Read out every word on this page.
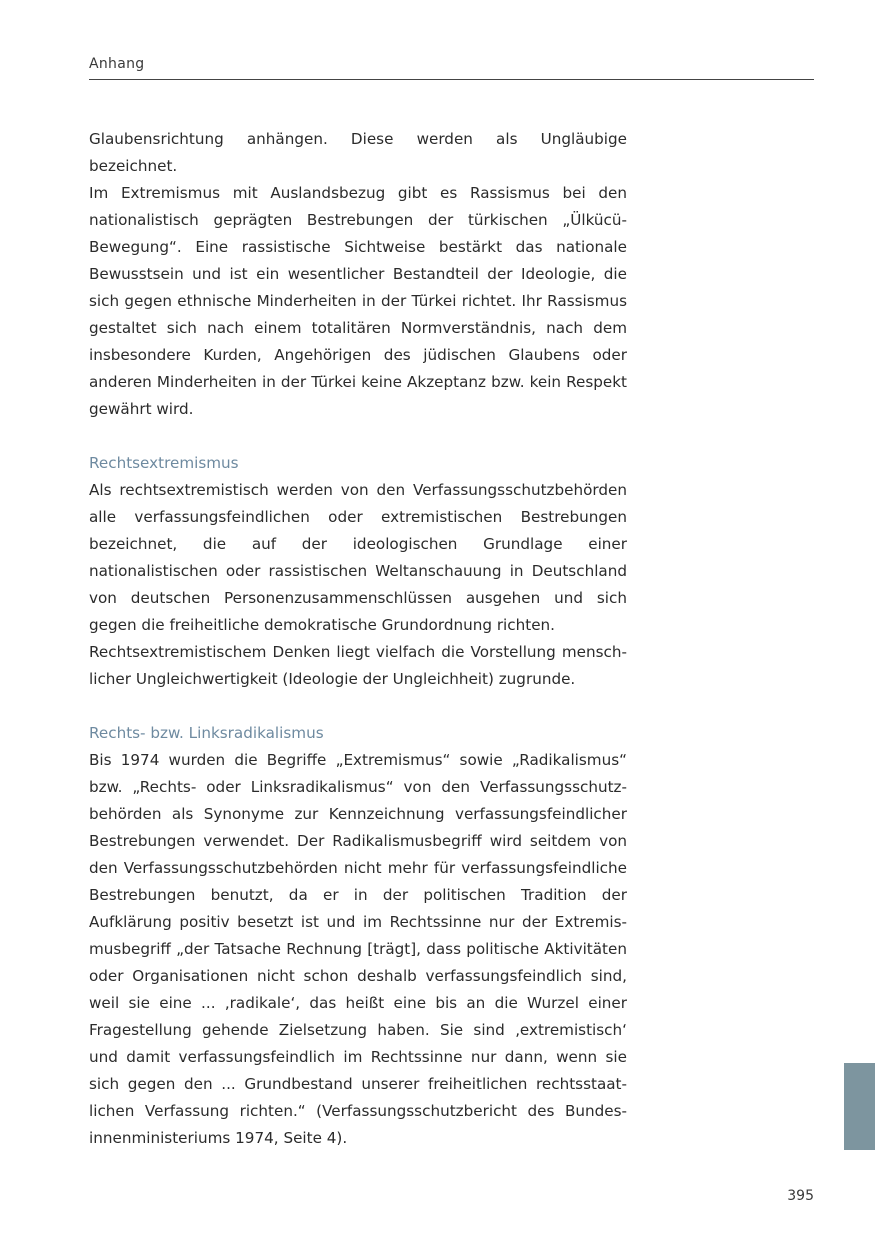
Anhang

Glaubensrichtung anhängen. Diese werden als Ungläubige bezeichnet.

Im Extremismus mit Auslandsbezug gibt es Rassismus bei den nationalistisch geprägten Bestrebungen der türkischen „Ülkücü-Bewegung“. Eine rassistische Sichtweise bestärkt das nationale Bewusstsein und ist ein wesentlicher Bestandteil der Ideologie, die sich gegen ethnische Minderheiten in der Türkei richtet. Ihr Rassismus gestaltet sich nach einem totalitären Normverständnis, nach dem insbesondere Kurden, Angehörigen des jüdischen Glaubens oder anderen Minderheiten in der Türkei keine Akzeptanz bzw. kein Respekt gewährt wird.

Rechtsextremismus

Als rechtsextremistisch werden von den Verfassungsschutzbehörden alle verfassungsfeindlichen oder extremistischen Bestrebungen bezeichnet, die auf der ideologischen Grundlage einer nationalistischen oder rassistischen Weltanschauung in Deutschland von deutschen Personenzusammenschlüssen ausgehen und sich gegen die freiheitliche demokratische Grundordnung richten.

Rechtsextremistischem Denken liegt vielfach die Vorstellung menschlicher Ungleichwertigkeit (Ideologie der Ungleichheit) zugrunde.

Rechts- bzw. Linksradikalismus

Bis 1974 wurden die Begriffe „Extremismus“ sowie „Radikalismus“ bzw. „Rechts- oder Linksradikalismus“ von den Verfassungsschutzbehörden als Synonyme zur Kennzeichnung verfassungsfeindlicher Bestrebungen verwendet. Der Radikalismusbegriff wird seitdem von den Verfassungsschutzbehörden nicht mehr für verfassungsfeindliche Bestrebungen benutzt, da er in der politischen Tradition der Aufklärung positiv besetzt ist und im Rechtssinne nur der Extremismusbegriff „der Tatsache Rechnung [trägt], dass politische Aktivitäten oder Organisationen nicht schon deshalb verfassungsfeindlich sind, weil sie eine ... ‚radikale‘, das heißt eine bis an die Wurzel einer Fragestellung gehende Zielsetzung haben. Sie sind ‚extremistisch‘ und damit verfassungsfeindlich im Rechtssinne nur dann, wenn sie sich gegen den ... Grundbestand unserer freiheitlichen rechtsstaatlichen Verfassung richten.“ (Verfassungsschutzbericht des Bundesinnenministeriums 1974, Seite 4).

395
